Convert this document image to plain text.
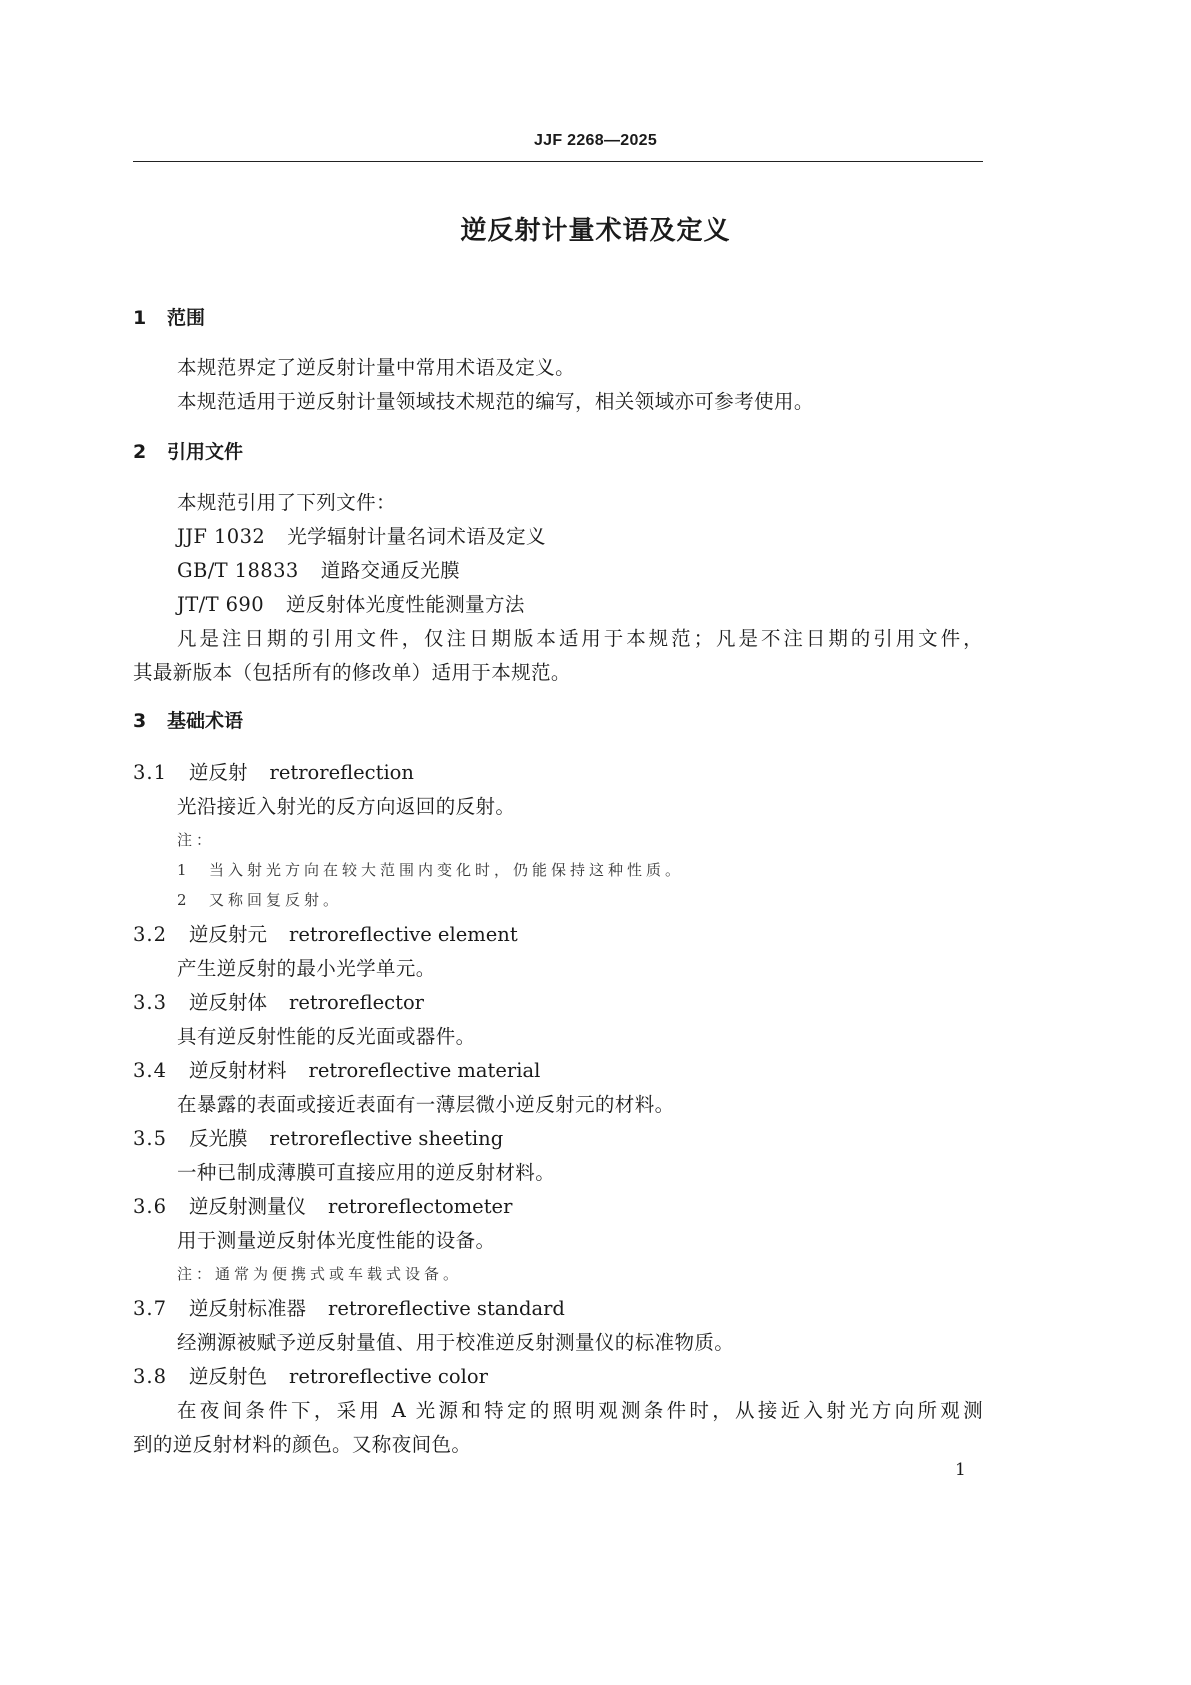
JJF 2268—2025
逆反射计量术语及定义
1 范围
本规范界定了逆反射计量中常用术语及定义。
本规范适用于逆反射计量领域技术规范的编写，相关领域亦可参考使用。
2 引用文件
本规范引用了下列文件：
JJF 1032 光学辐射计量名词术语及定义
GB/T 18833 道路交通反光膜
JT/T 690 逆反射体光度性能测量方法
凡是注日期的引用文件，仅注日期版本适用于本规范；凡是不注日期的引用文件，
其最新版本（包括所有的修改单）适用于本规范。
3 基础术语
3.1 逆反射 retroreflection
光沿接近入射光的反方向返回的反射。
注：
1 当入射光方向在较大范围内变化时，仍能保持这种性质。
2 又称回复反射。
3.2 逆反射元 retroreflective element
产生逆反射的最小光学单元。
3.3 逆反射体 retroreflector
具有逆反射性能的反光面或器件。
3.4 逆反射材料 retroreflective material
在暴露的表面或接近表面有一薄层微小逆反射元的材料。
3.5 反光膜 retroreflective sheeting
一种已制成薄膜可直接应用的逆反射材料。
3.6 逆反射测量仪 retroreflectometer
用于测量逆反射体光度性能的设备。
注：通常为便携式或车载式设备。
3.7 逆反射标准器 retroreflective standard
经溯源被赋予逆反射量值、用于校准逆反射测量仪的标准物质。
3.8 逆反射色 retroreflective color
在夜间条件下，采用 A 光源和特定的照明观测条件时，从接近入射光方向所观测
到的逆反射材料的颜色。又称夜间色。
1
